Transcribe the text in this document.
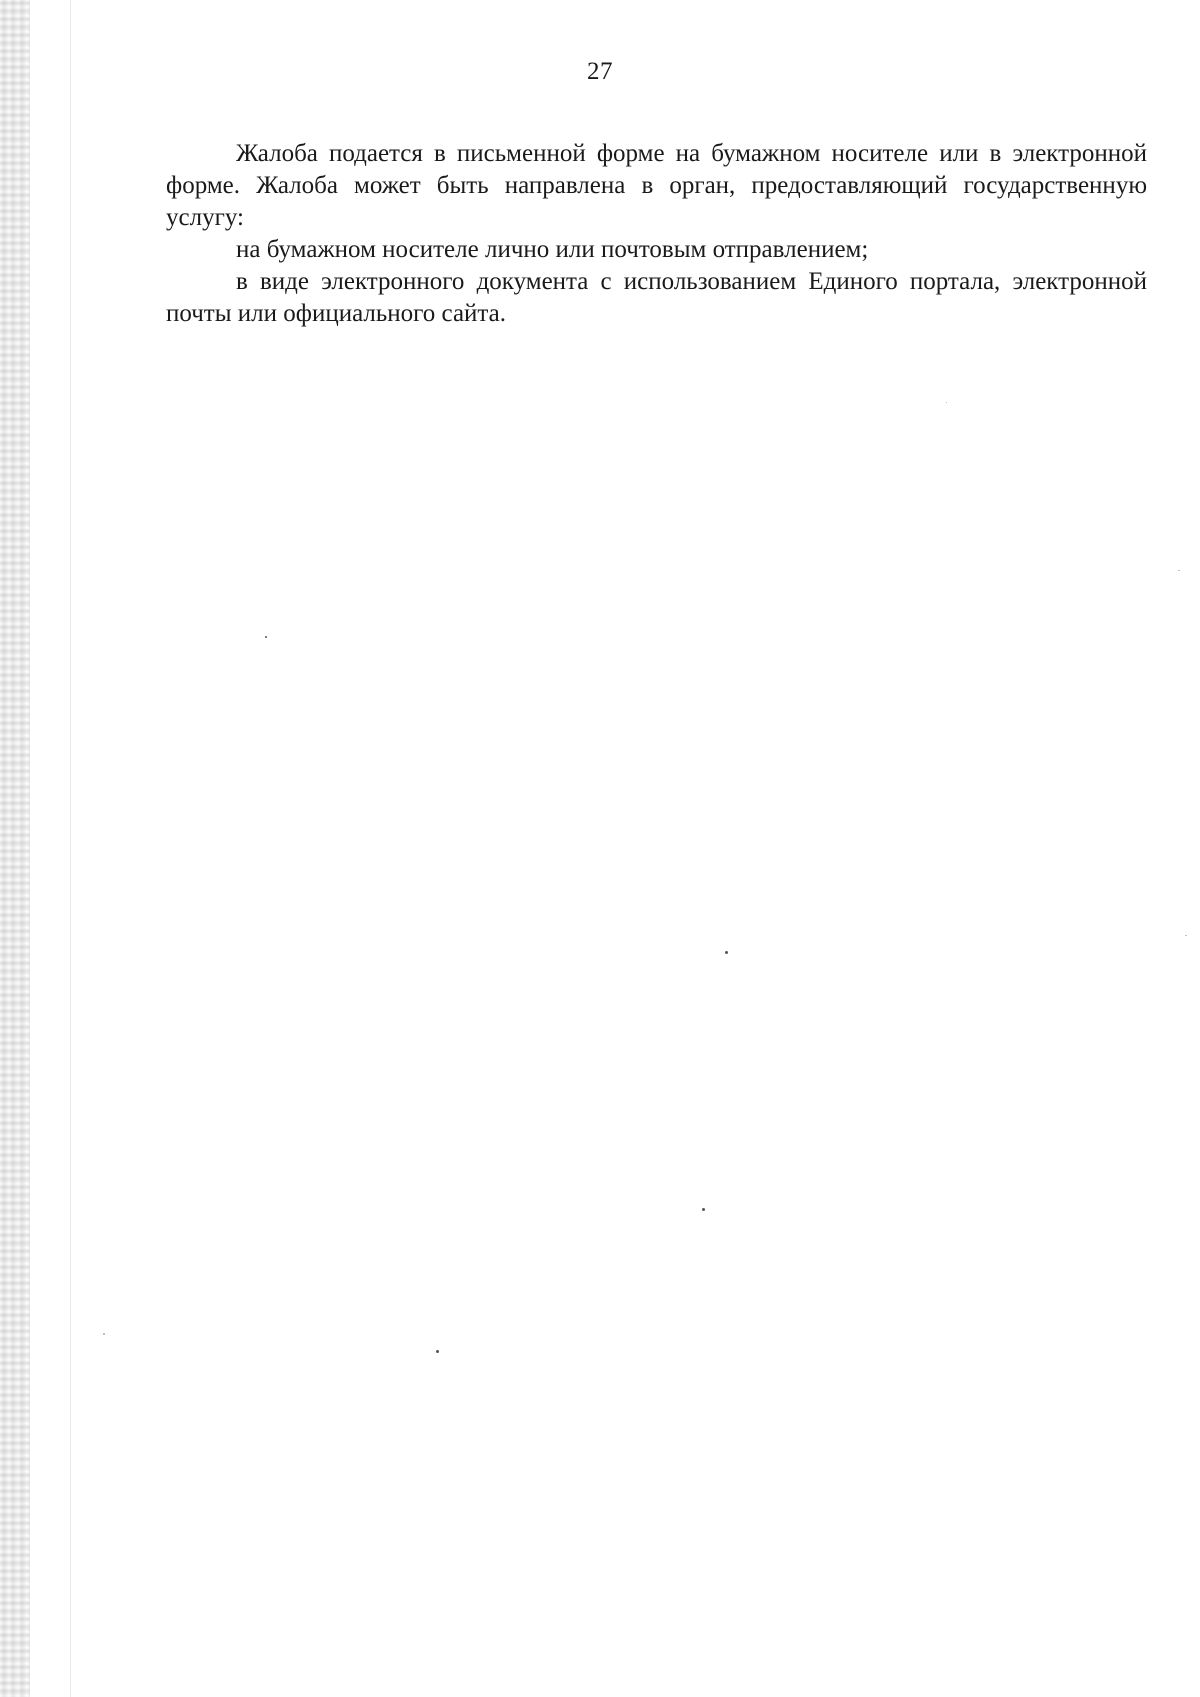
27

Жалоба подается в письменной форме на бумажном носителе или в электронной форме. Жалоба может быть направлена в орган, предоставляющий государственную услугу:

на бумажном носителе лично или почтовым отправлением;

в виде электронного документа с использованием Единого портала, электронной почты или официального сайта.
